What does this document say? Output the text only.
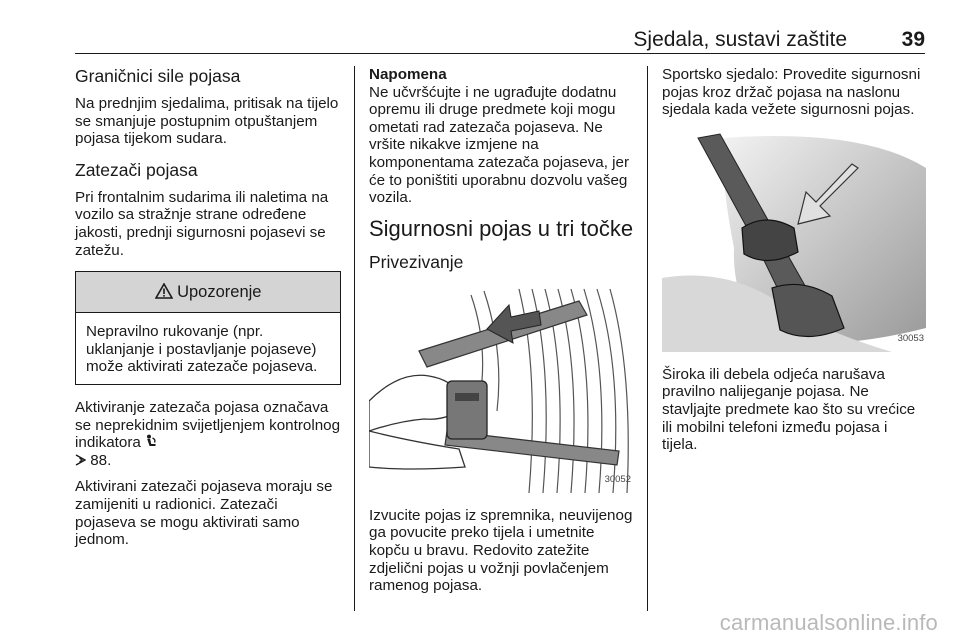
Sjedala, sustavi zaštite	39
Graničnici sile pojasa

Na prednjim sjedalima, pritisak na tijelo se smanjuje postupnim otpuštanjem pojasa tijekom sudara.

Zatezači pojasa

Pri frontalnim sudarima ili naletima na vozilo sa stražnje strane određene jakosti, prednji sigurnosni pojasevi se zatežu.

Upozorenje
Nepravilno rukovanje (npr. uklanjanje i postavljanje pojaseve) može aktivirati zatezače pojaseva.

Aktiviranje zatezača pojasa označava se neprekidnim svijetljenjem kontrolnog indikatora
88.

Aktivirani zatezači pojaseva moraju se zamijeniti u radionici. Zatezači pojaseva se mogu aktivirati samo jednom.

Napomena

Ne učvršćujte i ne ugrađujte dodatnu opremu ili druge predmete koji mogu ometati rad zatezača pojaseva. Ne vršite nikakve izmjene na komponentama zatezača pojaseva, jer će to poništiti uporabnu dozvolu vašeg vozila.

Sigurnosni pojas u tri točke
Privezivanje
30052

Izvucite pojas iz spremnika, neuvijenog ga povucite preko tijela i umetnite kopču u bravu. Redovito zatežite zdjelični pojas u vožnji povlačenjem ramenog pojasa.

Sportsko sjedalo: Provedite sigurnosni pojas kroz držač pojasa na naslonu sjedala kada vežete sigurnosni pojas.

30053

Široka ili debela odjeća narušava pravilno nalijeganje pojasa. Ne stavljajte predmete kao što su vrećice ili mobilni telefoni između pojasa i tijela.

carmanualsonline.info
